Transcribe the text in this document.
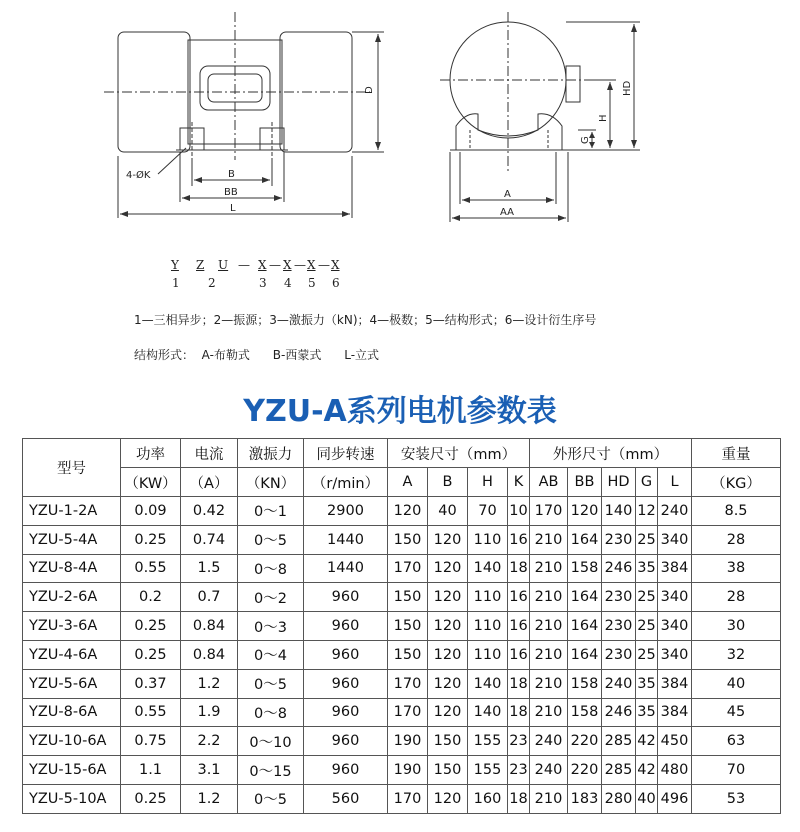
D
4-ØK	B
BB
L
A
AA
HD
H
G
Y Z U — X — X — X — X
1 2	3 4 5 6
1—三相异步；2—振源；3—激振力（kN)；4—极数；5—结构形式；6—设计衍生序号
结构形式：  A-布勒式      B-西蒙式      L-立式
YZU-A系列电机参数表
型号	功率	电流	激振力	同步转速	安装尺寸（mm）				外形尺寸（mm）					重量
	（KW）	（A）	（KN）	（r/min）	A	B	H	K	AB	BB	HD	G	L	（KG）
YZU-1-2A	0.09	0.42	0～1	2900	120	40	70	10	170	120	140	12	240	8.5
YZU-5-4A	0.25	0.74	0～5	1440	150	120	110	16	210	164	230	25	340	28
YZU-8-4A	0.55	1.5	0～8	1440	170	120	140	18	210	158	246	35	384	38
YZU-2-6A	0.2	0.7	0～2	960	150	120	110	16	210	164	230	25	340	28
YZU-3-6A	0.25	0.84	0～3	960	150	120	110	16	210	164	230	25	340	30
YZU-4-6A	0.25	0.84	0～4	960	150	120	110	16	210	164	230	25	340	32
YZU-5-6A	0.37	1.2	0～5	960	170	120	140	18	210	158	240	35	384	40
YZU-8-6A	0.55	1.9	0～8	960	170	120	140	18	210	158	246	35	384	45
YZU-10-6A	0.75	2.2	0～10	960	190	150	155	23	240	220	285	42	450	63
YZU-15-6A	1.1	3.1	0～15	960	190	150	155	23	240	220	285	42	480	70
YZU-5-10A	0.25	1.2	0～5	560	170	120	160	18	210	183	280	40	496	53
